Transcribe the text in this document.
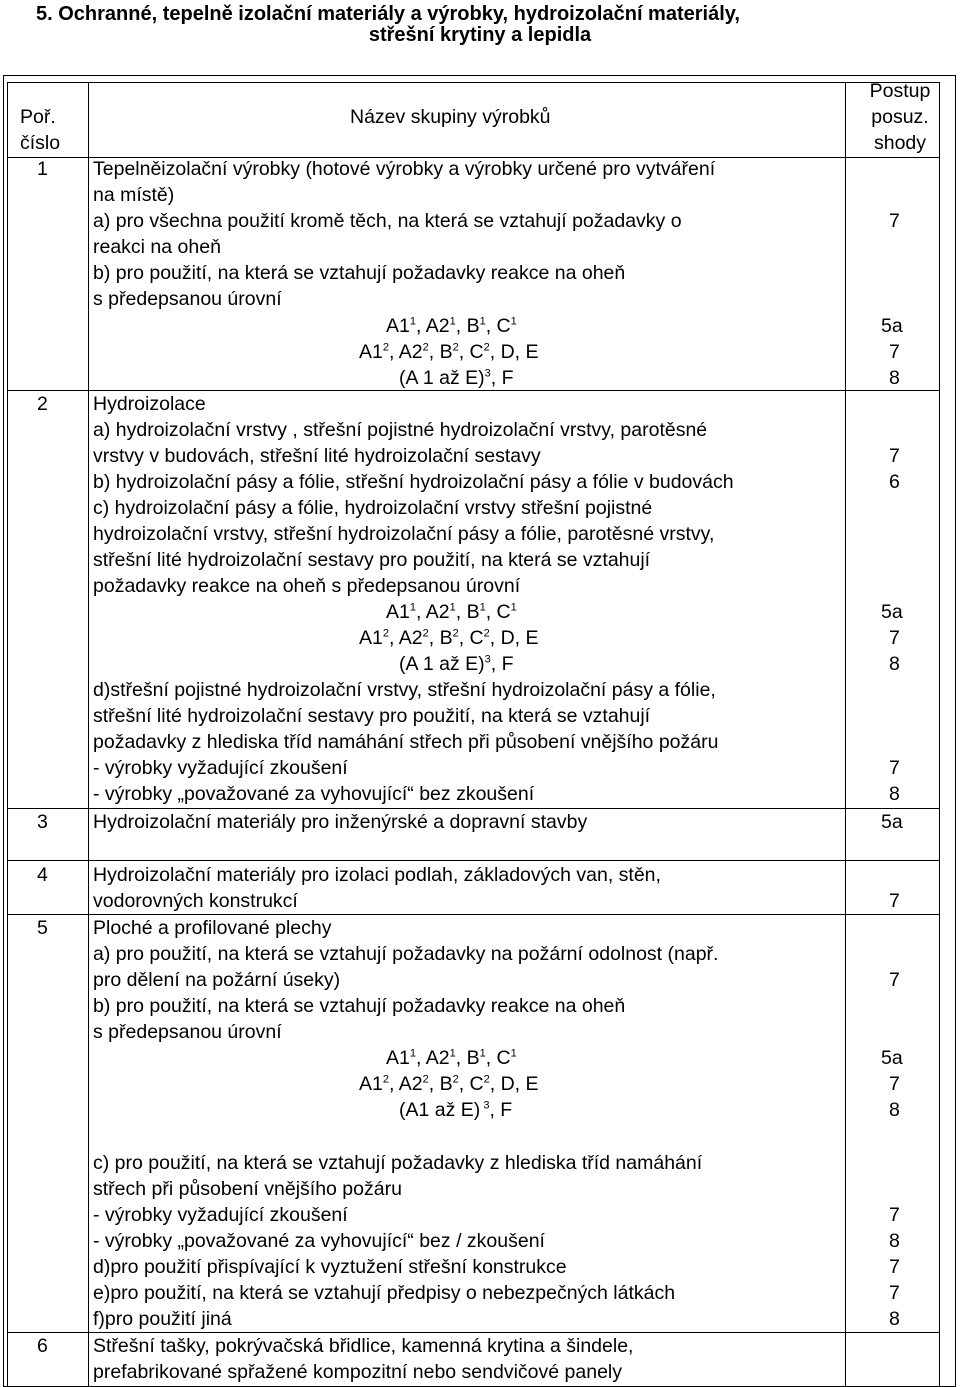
5. Ochranné, tepelně izolační materiály a výrobky, hydroizolační materiály,
střešní krytiny a lepidla
Poř.
číslo
Název skupiny výrobků
Postup
posuz.
shody
1 Tepelněizolační výrobky (hotové výrobky a výrobky určené pro vytváření
na místě)
a) pro všechna použití kromě těch, na která se vztahují požadavky o
reakci na oheň
b) pro použití, na která se vztahují požadavky reakce na oheň
s předepsanou úrovní
$A1^1$, $A2^1$, $B^1$, $C^1$
$A1^2$, $A2^2$, $B^2$, $C^2$, D, E
(A 1 až E)$^3$, F
7
5a
7
8
2 Hydroizolace
a) hydroizolační vrstvy , střešní pojistné hydroizolační vrstvy, parotěsné
vrstvy v budovách, střešní lité hydroizolační sestavy
b) hydroizolační pásy a fólie, střešní hydroizolační pásy a fólie v budovách
c) hydroizolační pásy a fólie, hydroizolační vrstvy střešní pojistné
hydroizolační vrstvy, střešní hydroizolační pásy a fólie, parotěsné vrstvy,
střešní lité hydroizolační sestavy pro použití, na která se vztahují
požadavky reakce na oheň s předepsanou úrovní
$A1^1$, $A2^1$, $B^1$, $C^1$
$A1^2$, $A2^2$, $B^2$, $C^2$, D, E
(A 1 až E)$^3$, F
d)střešní pojistné hydroizolační vrstvy, střešní hydroizolační pásy a fólie,
střešní lité hydroizolační sestavy pro použití, na která se vztahují
požadavky z hlediska tříd namáhání střech při působení vnějšího požáru
- výrobky vyžadující zkoušení
- výrobky „považované za vyhovující“ bez zkoušení
7
6
5a
7
8
7
8
3 Hydroizolační materiály pro inženýrské a dopravní stavby	5a
4 Hydroizolační materiály pro izolaci podlah, základových van, stěn,
vodorovných konstrukcí	7
5 Ploché a profilované plechy
a) pro použití, na která se vztahují požadavky na požární odolnost (např.
pro dělení na požární úseky)
b) pro použití, na která se vztahují požadavky reakce na oheň
s předepsanou úrovní
$A1^1$, $A2^1$, $B^1$, $C^1$
$A1^2$, $A2^2$, $B^2$, $C^2$, D, E
(A1 až E) $^3$, F
c) pro použití, na která se vztahují požadavky z hlediska tříd namáhání
střech při působení vnějšího požáru
- výrobky vyžadující zkoušení
- výrobky „považované za vyhovující“ bez / zkoušení
d)pro použití přispívající k vyztužení střešní konstrukce
e)pro použití, na která se vztahují předpisy o nebezpečných látkách
f)pro použití jiná
7
5a
7
8
7
8
7
7
8
6 Střešní tašky, pokrývačská břidlice, kamenná krytina a šindele,
prefabrikované spřažené kompozitní nebo sendvičové panely
